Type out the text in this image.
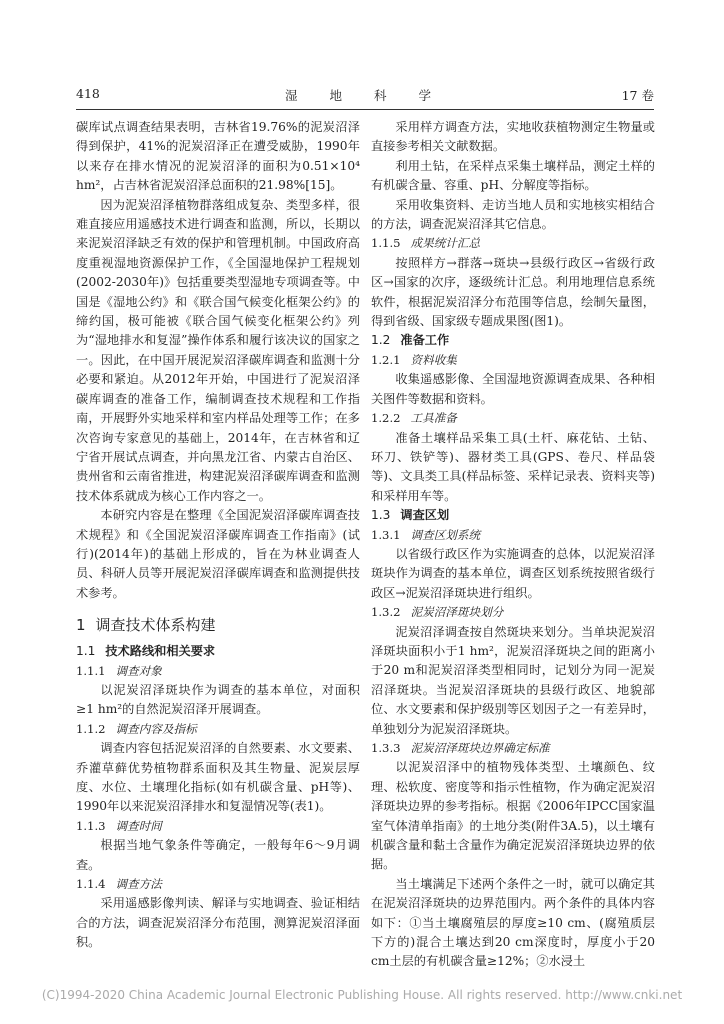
418	湿 地 科 学	17 卷

碳库试点调查结果表明，吉林省19.76%的泥炭沼泽得到保护，41%的泥炭沼泽正在遭受威胁，1990年以来存在排水情况的泥炭沼泽的面积为0.51×10⁴ hm²，占吉林省泥炭沼泽总面积的21.98%[15]。

因为泥炭沼泽植物群落组成复杂、类型多样，很难直接应用遥感技术进行调查和监测，所以，长期以来泥炭沼泽缺乏有效的保护和管理机制。中国政府高度重视湿地资源保护工作，《全国湿地保护工程规划(2002-2030年)》包括重要类型湿地专项调查等。中国是《湿地公约》和《联合国气候变化框架公约》的缔约国，极可能被《联合国气候变化框架公约》列为“湿地排水和复湿”操作体系和履行该决议的国家之一。因此，在中国开展泥炭沼泽碳库调查和监测十分必要和紧迫。从2012年开始，中国进行了泥炭沼泽碳库调查的准备工作，编制调查技术规程和工作指南，开展野外实地采样和室内样品处理等工作；在多次咨询专家意见的基础上，2014年，在吉林省和辽宁省开展试点调查，并向黑龙江省、内蒙古自治区、贵州省和云南省推进，构建泥炭沼泽碳库调查和监测技术体系就成为核心工作内容之一。

本研究内容是在整理《全国泥炭沼泽碳库调查技术规程》和《全国泥炭沼泽碳库调查工作指南》(试行)(2014年)的基础上形成的，旨在为林业调查人员、科研人员等开展泥炭沼泽碳库调查和监测提供技术参考。

1 调查技术体系构建
1.1 技术路线和相关要求
1.1.1 调查对象

以泥炭沼泽斑块作为调查的基本单位，对面积≥1 hm²的自然泥炭沼泽开展调查。

1.1.2 调查内容及指标

调查内容包括泥炭沼泽的自然要素、水文要素、乔灌草藓优势植物群系面积及其生物量、泥炭层厚度、水位、土壤理化指标(如有机碳含量、pH等)、1990年以来泥炭沼泽排水和复湿情况等(表1)。

1.1.3 调查时间

根据当地气象条件等确定，一般每年6～9月调查。

1.1.4 调查方法

采用遥感影像判读、解译与实地调查、验证相结合的方法，调查泥炭沼泽分布范围，测算泥炭沼泽面积。

采用样方调查方法，实地收获植物测定生物量或直接参考相关文献数据。

利用土钻，在采样点采集土壤样品，测定土样的有机碳含量、容重、pH、分解度等指标。

采用收集资料、走访当地人员和实地核实相结合的方法，调查泥炭沼泽其它信息。

1.1.5 成果统计汇总

按照样方→群落→斑块→县级行政区→省级行政区→国家的次序，逐级统计汇总。利用地理信息系统软件，根据泥炭沼泽分布范围等信息，绘制矢量图，得到省级、国家级专题成果图(图1)。

1.2 准备工作
1.2.1 资料收集

收集遥感影像、全国湿地资源调查成果、各种相关图件等数据和资料。

1.2.2 工具准备

准备土壤样品采集工具(土杆、麻花钻、土钻、环刀、铁铲等)、器材类工具(GPS、卷尺、样品袋等)、文具类工具(样品标签、采样记录表、资料夹等)和采样用车等。

1.3 调查区划
1.3.1 调查区划系统

以省级行政区作为实施调查的总体，以泥炭沼泽斑块作为调查的基本单位，调查区划系统按照省级行政区→泥炭沼泽斑块进行组织。

1.3.2 泥炭沼泽斑块划分

泥炭沼泽调查按自然斑块来划分。当单块泥炭沼泽斑块面积小于1 hm²，泥炭沼泽斑块之间的距离小于20 m和泥炭沼泽类型相同时，记划分为同一泥炭沼泽斑块。当泥炭沼泽斑块的县级行政区、地貌部位、水文要素和保护级别等区划因子之一有差异时，单独划分为泥炭沼泽斑块。

1.3.3 泥炭沼泽斑块边界确定标准

以泥炭沼泽中的植物残体类型、土壤颜色、纹理、松软度、密度等和指示性植物，作为确定泥炭沼泽斑块边界的参考指标。根据《2006年IPCC国家温室气体清单指南》的土地分类(附件3A.5)，以土壤有机碳含量和黏土含量作为确定泥炭沼泽斑块边界的依据。

当土壤满足下述两个条件之一时，就可以确定其在泥炭沼泽斑块的边界范围内。两个条件的具体内容如下：①当土壤腐殖层的厚度≥10 cm、(腐殖质层下方的)混合土壤达到20 cm深度时，厚度小于20 cm土层的有机碳含量≥12%；②水浸土

(C)1994-2020 China Academic Journal Electronic Publishing House. All rights reserved. http://www.cnki.net
